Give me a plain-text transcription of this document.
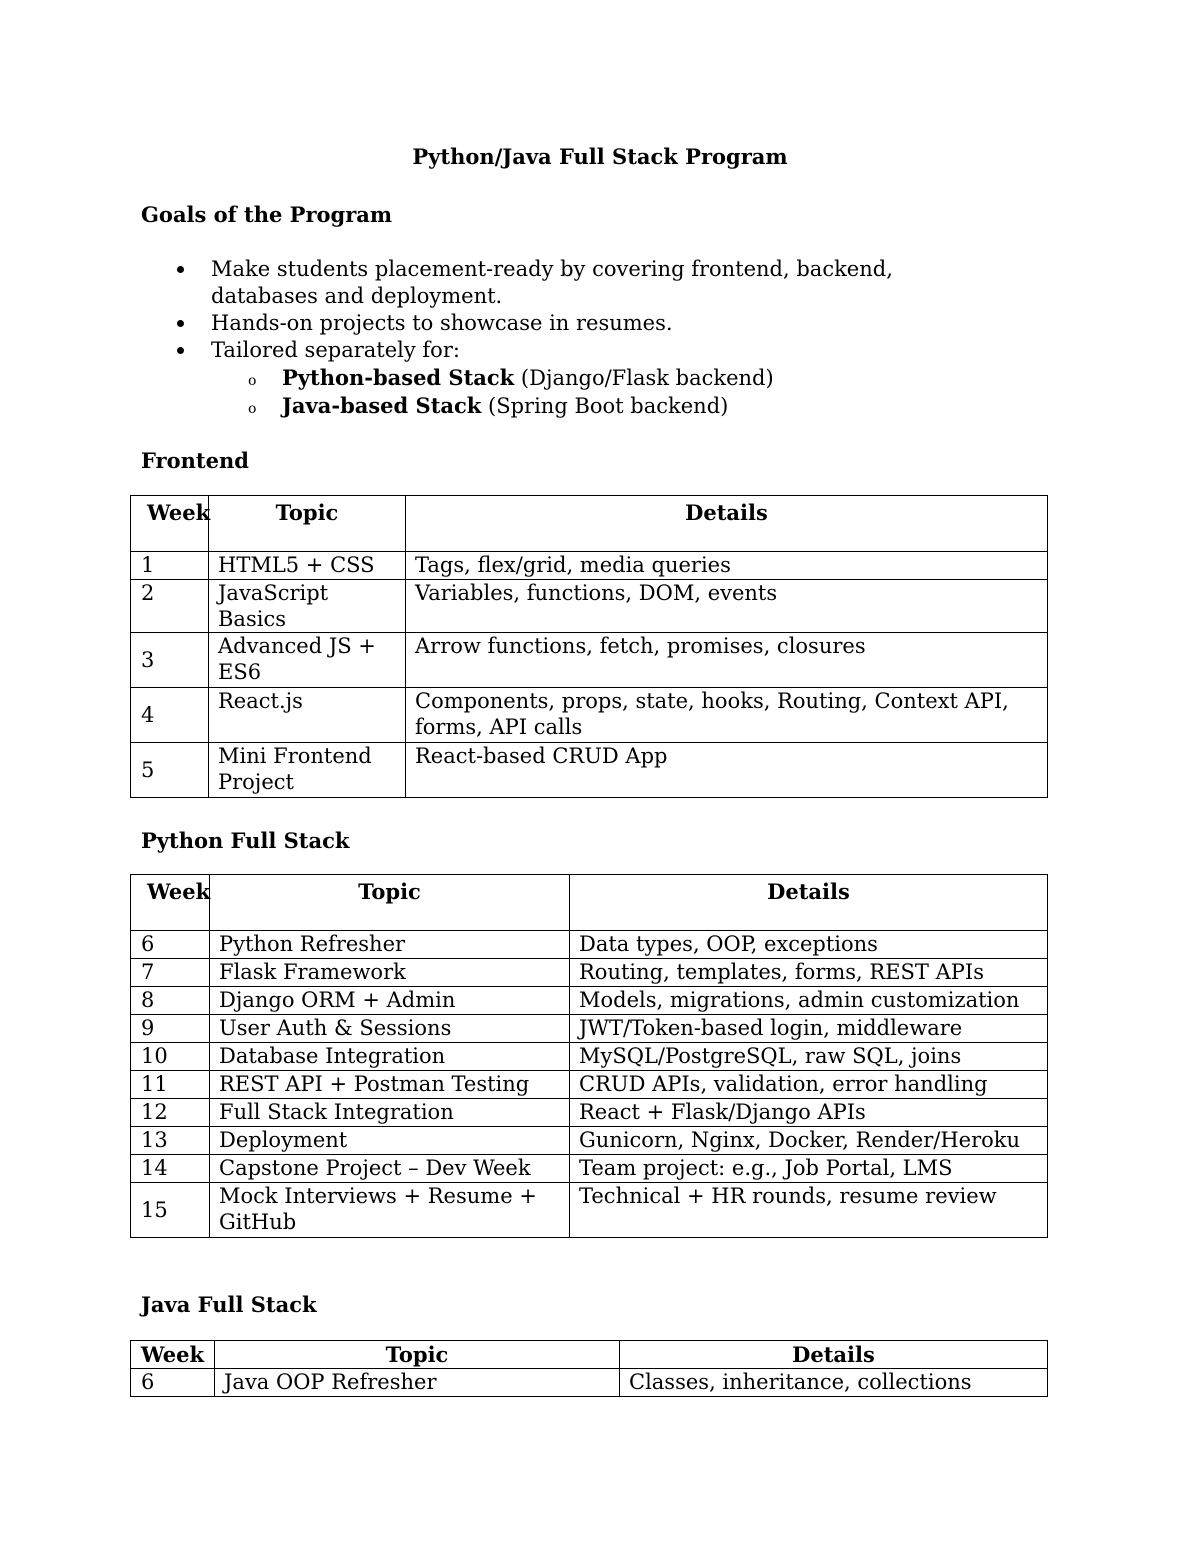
Python/Java Full Stack Program
Goals of the Program
Make students placement-ready by covering frontend, backend, databases and deployment.
Hands-on projects to showcase in resumes.
Tailored separately for:
o Python-based Stack (Django/Flask backend)
o Java-based Stack (Spring Boot backend)
Frontend
Week	Topic	Details
1	HTML5 + CSS	Tags, flex/grid, media queries
2	JavaScript Basics	Variables, functions, DOM, events
3	Advanced JS + ES6	Arrow functions, fetch, promises, closures
4	React.js	Components, props, state, hooks, Routing, Context API, forms, API calls
5	Mini Frontend Project	React-based CRUD App
Python Full Stack
Week	Topic	Details
6	Python Refresher	Data types, OOP, exceptions
7	Flask Framework	Routing, templates, forms, REST APIs
8	Django ORM + Admin	Models, migrations, admin customization
9	User Auth & Sessions	JWT/Token-based login, middleware
10	Database Integration	MySQL/PostgreSQL, raw SQL, joins
11	REST API + Postman Testing	CRUD APIs, validation, error handling
12	Full Stack Integration	React + Flask/Django APIs
13	Deployment	Gunicorn, Nginx, Docker, Render/Heroku
14	Capstone Project – Dev Week	Team project: e.g., Job Portal, LMS
15	Mock Interviews + Resume + GitHub	Technical + HR rounds, resume review
Java Full Stack
Week	Topic	Details
6	Java OOP Refresher	Classes, inheritance, collections
